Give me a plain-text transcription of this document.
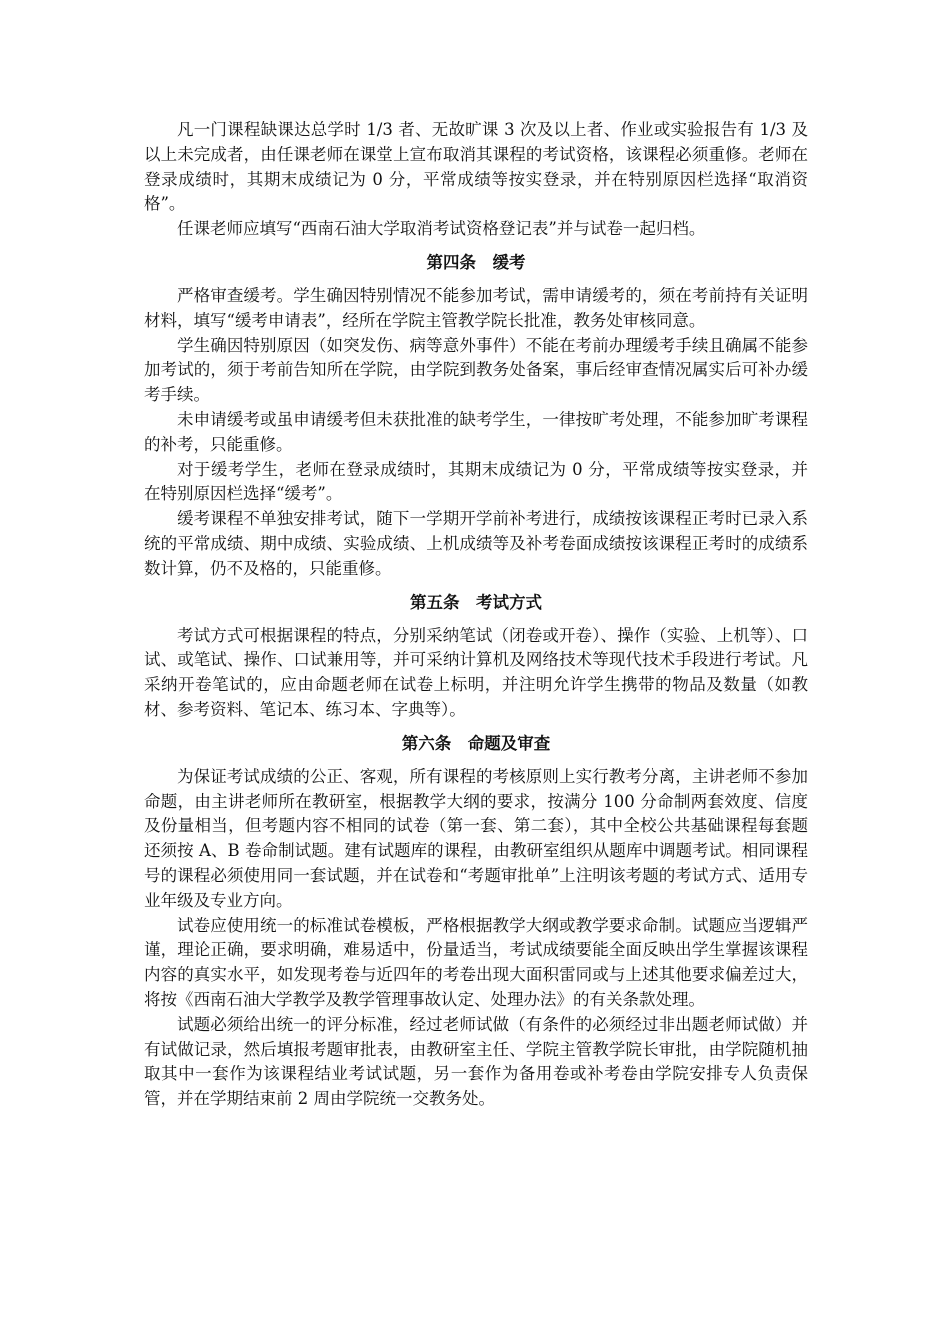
凡一门课程缺课达总学时 1/3 者、无故旷课 3 次及以上者、作业或实验报告有 1/3 及以上未完成者，由任课老师在课堂上宣布取消其课程的考试资格，该课程必须重修。老师在登录成绩时，其期末成绩记为 0 分，平常成绩等按实登录，并在特别原因栏选择“取消资格”。

任课老师应填写“西南石油大学取消考试资格登记表”并与试卷一起归档。

第四条　缓考

严格审查缓考。学生确因特别情况不能参加考试，需申请缓考的，须在考前持有关证明材料，填写“缓考申请表”，经所在学院主管教学院长批准，教务处审核同意。

学生确因特别原因（如突发伤、病等意外事件）不能在考前办理缓考手续且确属不能参加考试的，须于考前告知所在学院，由学院到教务处备案，事后经审查情况属实后可补办缓考手续。

未申请缓考或虽申请缓考但未获批准的缺考学生，一律按旷考处理，不能参加旷考课程的补考，只能重修。

对于缓考学生，老师在登录成绩时，其期末成绩记为 0 分，平常成绩等按实登录，并在特别原因栏选择“缓考”。

缓考课程不单独安排考试，随下一学期开学前补考进行，成绩按该课程正考时已录入系统的平常成绩、期中成绩、实验成绩、上机成绩等及补考卷面成绩按该课程正考时的成绩系数计算，仍不及格的，只能重修。

第五条　考试方式

考试方式可根据课程的特点，分别采纳笔试（闭卷或开卷）、操作（实验、上机等）、口试、或笔试、操作、口试兼用等，并可采纳计算机及网络技术等现代技术手段进行考试。凡采纳开卷笔试的，应由命题老师在试卷上标明，并注明允许学生携带的物品及数量（如教材、参考资料、笔记本、练习本、字典等）。

第六条　命题及审查

为保证考试成绩的公正、客观，所有课程的考核原则上实行教考分离，主讲老师不参加命题，由主讲老师所在教研室，根据教学大纲的要求，按满分 100 分命制两套效度、信度及份量相当，但考题内容不相同的试卷（第一套、第二套），其中全校公共基础课程每套题还须按 A、B 卷命制试题。建有试题库的课程，由教研室组织从题库中调题考试。相同课程号的课程必须使用同一套试题，并在试卷和“考题审批单”上注明该考题的考试方式、适用专业年级及专业方向。

试卷应使用统一的标准试卷模板，严格根据教学大纲或教学要求命制。试题应当逻辑严谨，理论正确，要求明确，难易适中，份量适当，考试成绩要能全面反映出学生掌握该课程内容的真实水平，如发现考卷与近四年的考卷出现大面积雷同或与上述其他要求偏差过大，将按《西南石油大学教学及教学管理事故认定、处理办法》的有关条款处理。

试题必须给出统一的评分标准，经过老师试做（有条件的必须经过非出题老师试做）并有试做记录，然后填报考题审批表，由教研室主任、学院主管教学院长审批，由学院随机抽取其中一套作为该课程结业考试试题，另一套作为备用卷或补考卷由学院安排专人负责保管，并在学期结束前 2 周由学院统一交教务处。
